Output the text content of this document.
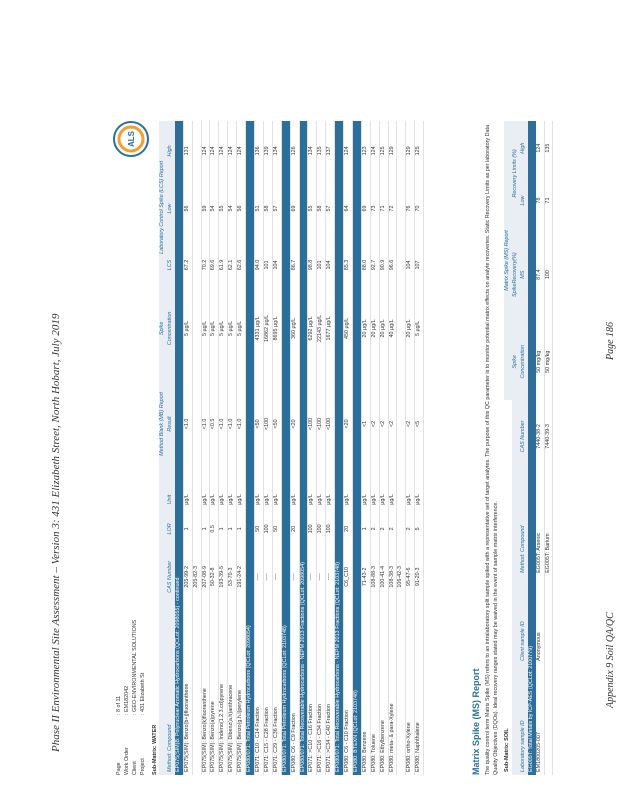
Phase II Environmental Site Assessment – Version 3: 431 Elizabeth Street, North Hobart, July 2019	Appendix 9 Soil QA/QC
Page 186
Page: 8 of 11
Work Order: EM182042
Client: GEO-ENVIRONMENTAL SOLUTIONS
Project: 431 Elizabeth St
Sub-Matrix: WATER
ALS
				Method Blank (MB) Report	Spike	Laboratory Control Spike (LCS) Report		
Method: Compound	CAS Number	LOR	Unit	Result	Concentration	LCS	Low	High
EP075(SIM)B: Polynuclear Aromatic Hydrocarbons (QCLot: 2098055) - continued								
EP075(SIM): Benzo(b+j)fluoranthene	205-99-2	1	µg/L	<1.0	5 µg/L	67.2	56	131
	205-82-3							
EP075(SIM): Benzo(k)fluoranthene	207-08-9	1	µg/L	<1.0	5 µg/L	70.2	59	124
EP075(SIM): Benzo(a)pyrene	50-32-8	0.5	µg/L	<0.5	5 µg/L	69.6	54	124
EP075(SIM): Indeno(1.2.3.cd)pyrene	193-39-5	1	µg/L	<1.0	5 µg/L	61.9	55	124
EP075(SIM): Dibenz(a.h)anthracene	53-70-3	1	µg/L	<1.0	5 µg/L	62.1	54	124
EP075(SIM): Benzo(g.h.i)perylene	191-24-2	1	µg/L	<1.0	5 µg/L	62.6	56	124
EP080/071: Total Petroleum Hydrocarbons (QCLot: 2098054)								
EP071: C10 - C14 Fraction	----	50	µg/L	<50	4331 µg/L	94.0	51	136
EP071: C15 - C28 Fraction	----	100	µg/L	<100	16862 µg/L	101	58	139
EP071: C29 - C36 Fraction	----	50	µg/L	<50	8695 µg/L	104	57	134
EP080/071: Total Petroleum Hydrocarbons (QCLot: 2103748)								
EP080: C6 - C9 Fraction	----	20	µg/L	<20	360 µg/L	86.7	69	126
EP080/071: Total Recoverable Hydrocarbons - NEPM 2013 Fractions (QCLot: 2098054)								
EP071: >C10 - C16 Fraction	----	100	µg/L	<100	6292 µg/L	98.8	55	134
EP071: >C16 - C34 Fraction	----	100	µg/L	<100	22143 µg/L	101	58	135
EP071: >C34 - C40 Fraction	----	100	µg/L	<100	1677 µg/L	104	57	137
EP080/071: Total Recoverable Hydrocarbons - NEPM 2013 Fractions (QCLot: 2103748)								
EP080: C6 - C10 Fraction	C6_C10	20	µg/L	<20	450 µg/L	85.3	64	124
EP080: BTEXN (QCLot: 2103748)								
EP080: Benzene	71-43-2	1	µg/L	<1	20 µg/L	88.0	69	123
EP080: Toluene	108-88-3	2	µg/L	<2	20 µg/L	92.7	73	124
EP080: Ethylbenzene	100-41-4	2	µg/L	<2	20 µg/L	90.9	71	125
EP080: meta- & para-Xylene	108-38-3	2	µg/L	<2	40 µg/L	96.6	72	129
	106-42-3							
EP080: ortho-Xylene	95-47-6	2	µg/L	<2	20 µg/L	104	76	129
EP080: Naphthalene	91-20-3	5	µg/L	<5	5 µg/L	107	70	125
Matrix Spike (MS) Report The quality control term Matrix Spike (MS) refers to an intralaboratory split sample spiked with a representative set of target analytes. The purpose of this QC parameter is to monitor potential matrix effects on analyte recoveries. Static Recovery Limits as per laboratory Data Quality Objectives (DQOs). Ideal recovery ranges stated may be waived in the event of sample matrix interference. Sub-Matrix: SOIL				Matrix Spike (MS) Report			
				Spike	SpikeRecovery(%)	Recovery Limits (%)	
Laboratory sample ID	Client sample ID	Method: Compound	CAS Number	Concentration	MS	Low	High
EG005T: Total Metals by ICP-AES (QCLot: 2100779)							
EM1800205-007	Anonymous	EG005T: Arsenic	7440-38-2	50 mg/kg	87.4	78	124
		EG005T: Barium	7440-39-3	50 mg/kg	100	71	135
